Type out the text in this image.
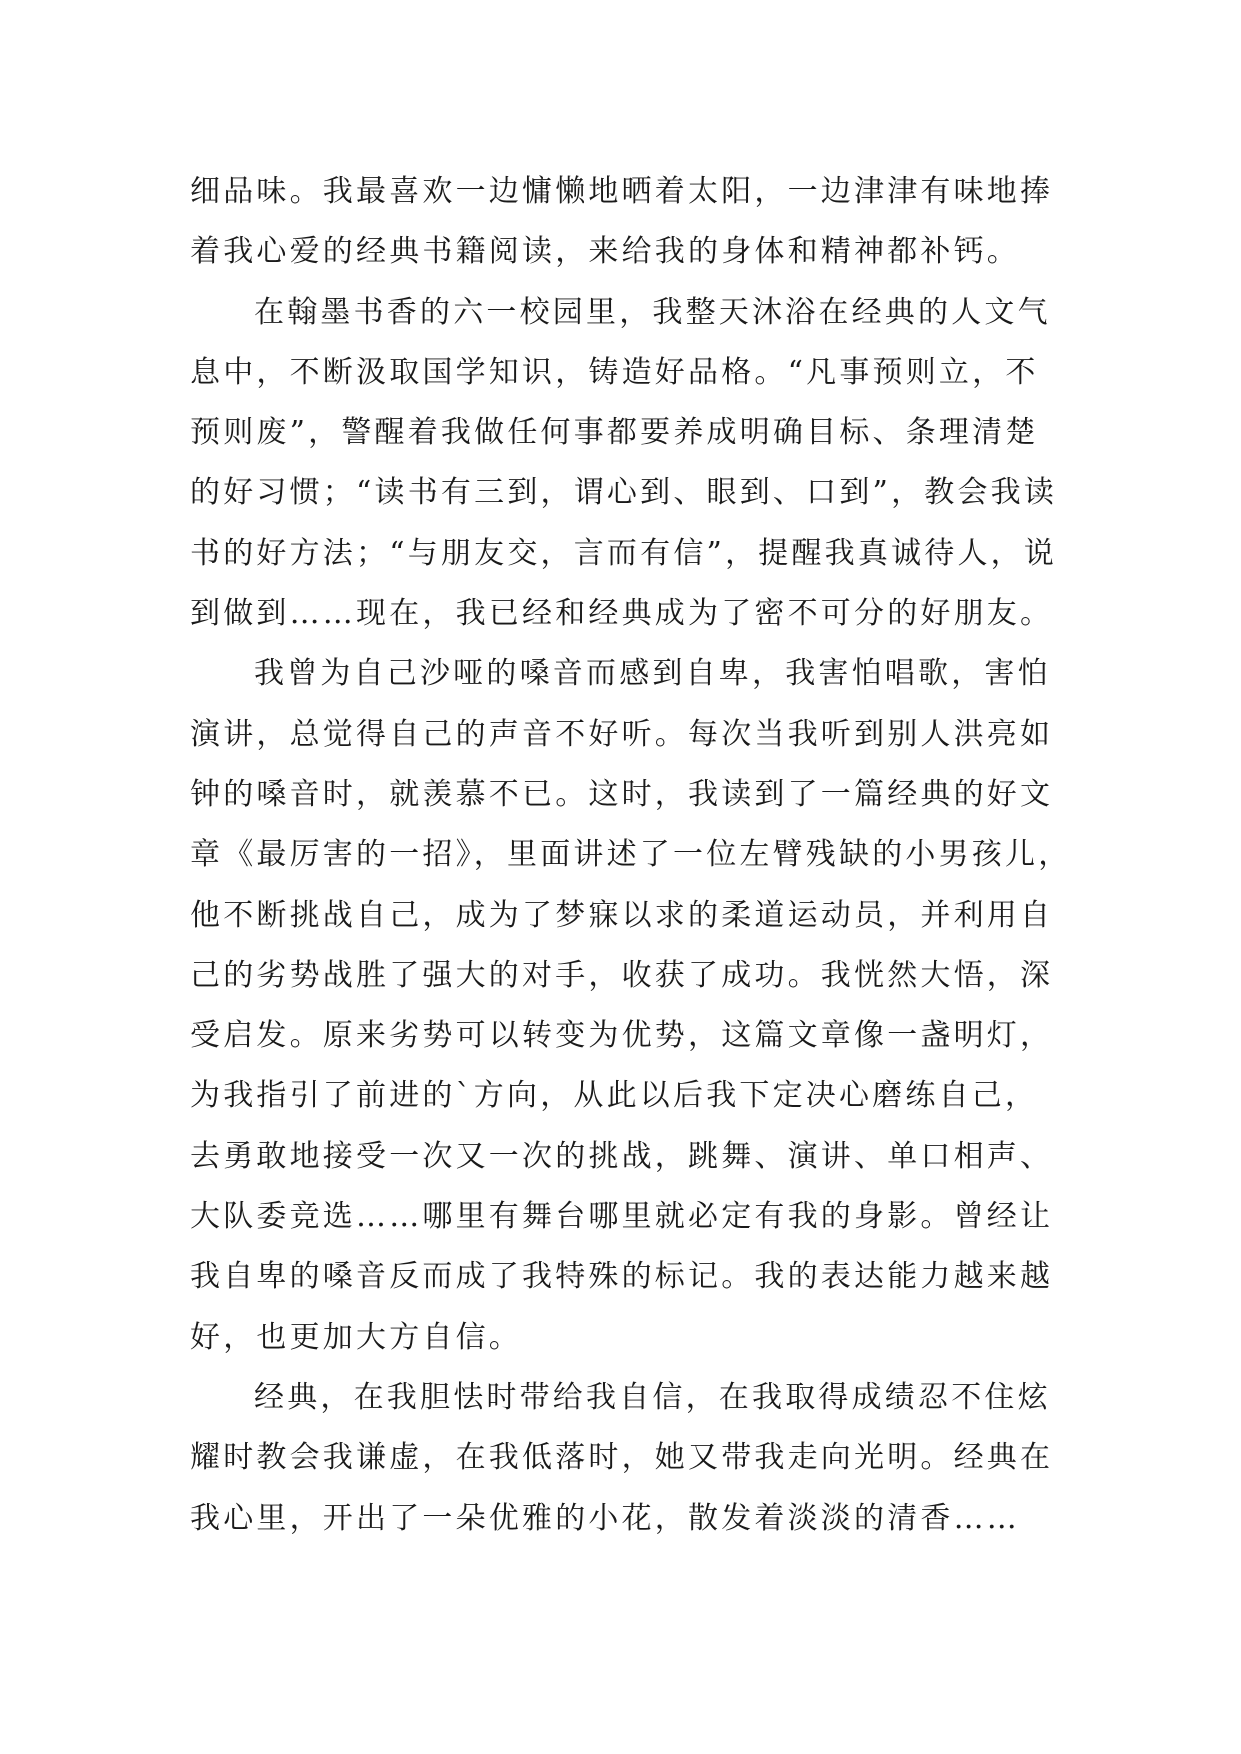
细品味。我最喜欢一边慵懒地晒着太阳，一边津津有味地捧
着我心爱的经典书籍阅读，来给我的身体和精神都补钙。
在翰墨书香的六一校园里，我整天沐浴在经典的人文气
息中，不断汲取国学知识，铸造好品格。“凡事预则立，不
预则废”，警醒着我做任何事都要养成明确目标、条理清楚
的好习惯；“读书有三到，谓心到、眼到、口到”，教会我读
书的好方法；“与朋友交，言而有信”，提醒我真诚待人，说
到做到……现在，我已经和经典成为了密不可分的好朋友。
我曾为自己沙哑的嗓音而感到自卑，我害怕唱歌，害怕
演讲，总觉得自己的声音不好听。每次当我听到别人洪亮如
钟的嗓音时，就羡慕不已。这时，我读到了一篇经典的好文
章《最厉害的一招》，里面讲述了一位左臂残缺的小男孩儿，
他不断挑战自己，成为了梦寐以求的柔道运动员，并利用自
己的劣势战胜了强大的对手，收获了成功。我恍然大悟，深
受启发。原来劣势可以转变为优势，这篇文章像一盏明灯，
为我指引了前进的`方向，从此以后我下定决心磨练自己，
去勇敢地接受一次又一次的挑战，跳舞、演讲、单口相声、
大队委竞选……哪里有舞台哪里就必定有我的身影。曾经让
我自卑的嗓音反而成了我特殊的标记。我的表达能力越来越
好，也更加大方自信。
经典，在我胆怯时带给我自信，在我取得成绩忍不住炫
耀时教会我谦虚，在我低落时，她又带我走向光明。经典在
我心里，开出了一朵优雅的小花，散发着淡淡的清香……
